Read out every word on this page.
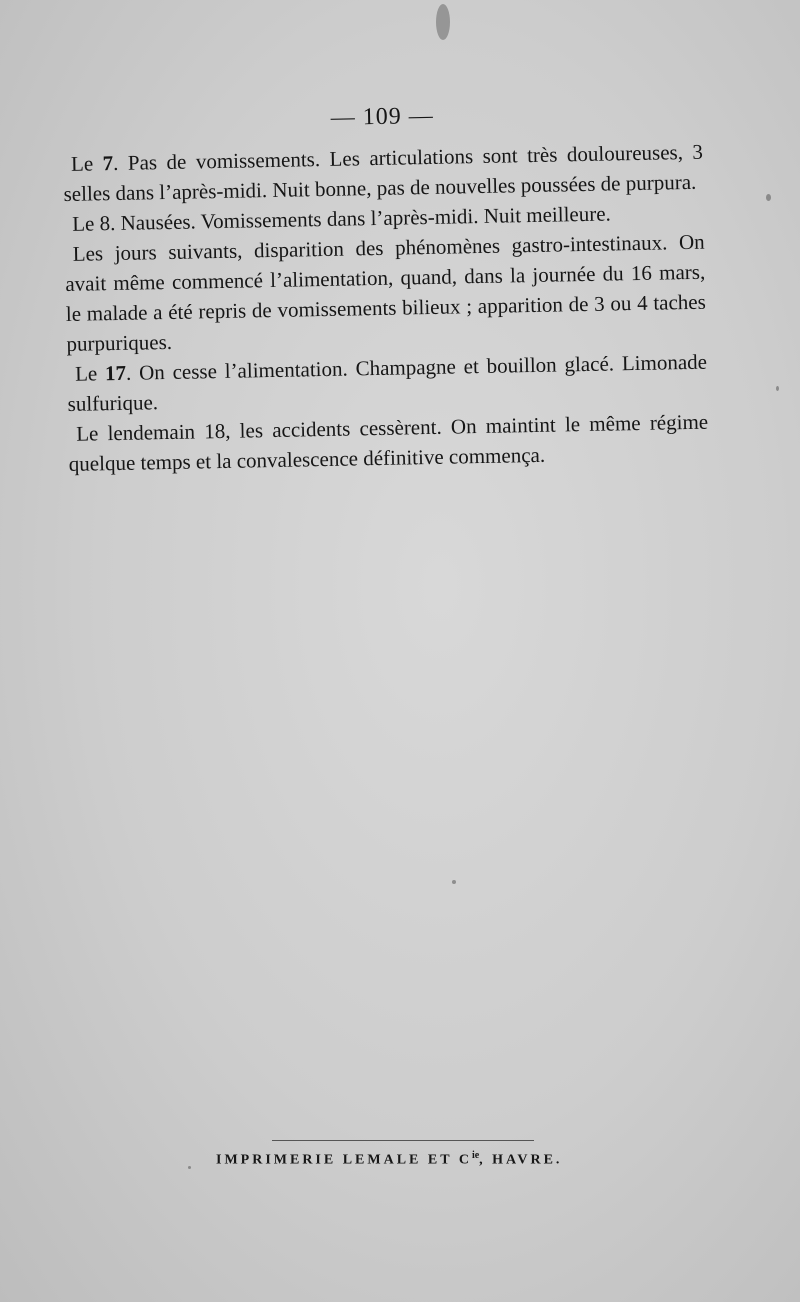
— 109 —

Le 7. Pas de vomissements. Les articulations sont très douloureuses, 3 selles dans l’après-midi. Nuit bonne, pas de nouvelles poussées de purpura.

Le 8. Nausées. Vomissements dans l’après-midi. Nuit meilleure.

Les jours suivants, disparition des phénomènes gastro-intestinaux. On avait même commencé l’alimentation, quand, dans la journée du 16 mars, le malade a été repris de vomissements bilieux ; apparition de 3 ou 4 taches purpuriques.

Le 17. On cesse l’alimentation. Champagne et bouillon glacé. Limonade sulfurique.

Le lendemain 18, les accidents cessèrent. On maintint le même régime quelque temps et la convalescence définitive commença.

IMPRIMERIE LEMALE ET $C^{ie}$, HAVRE.
